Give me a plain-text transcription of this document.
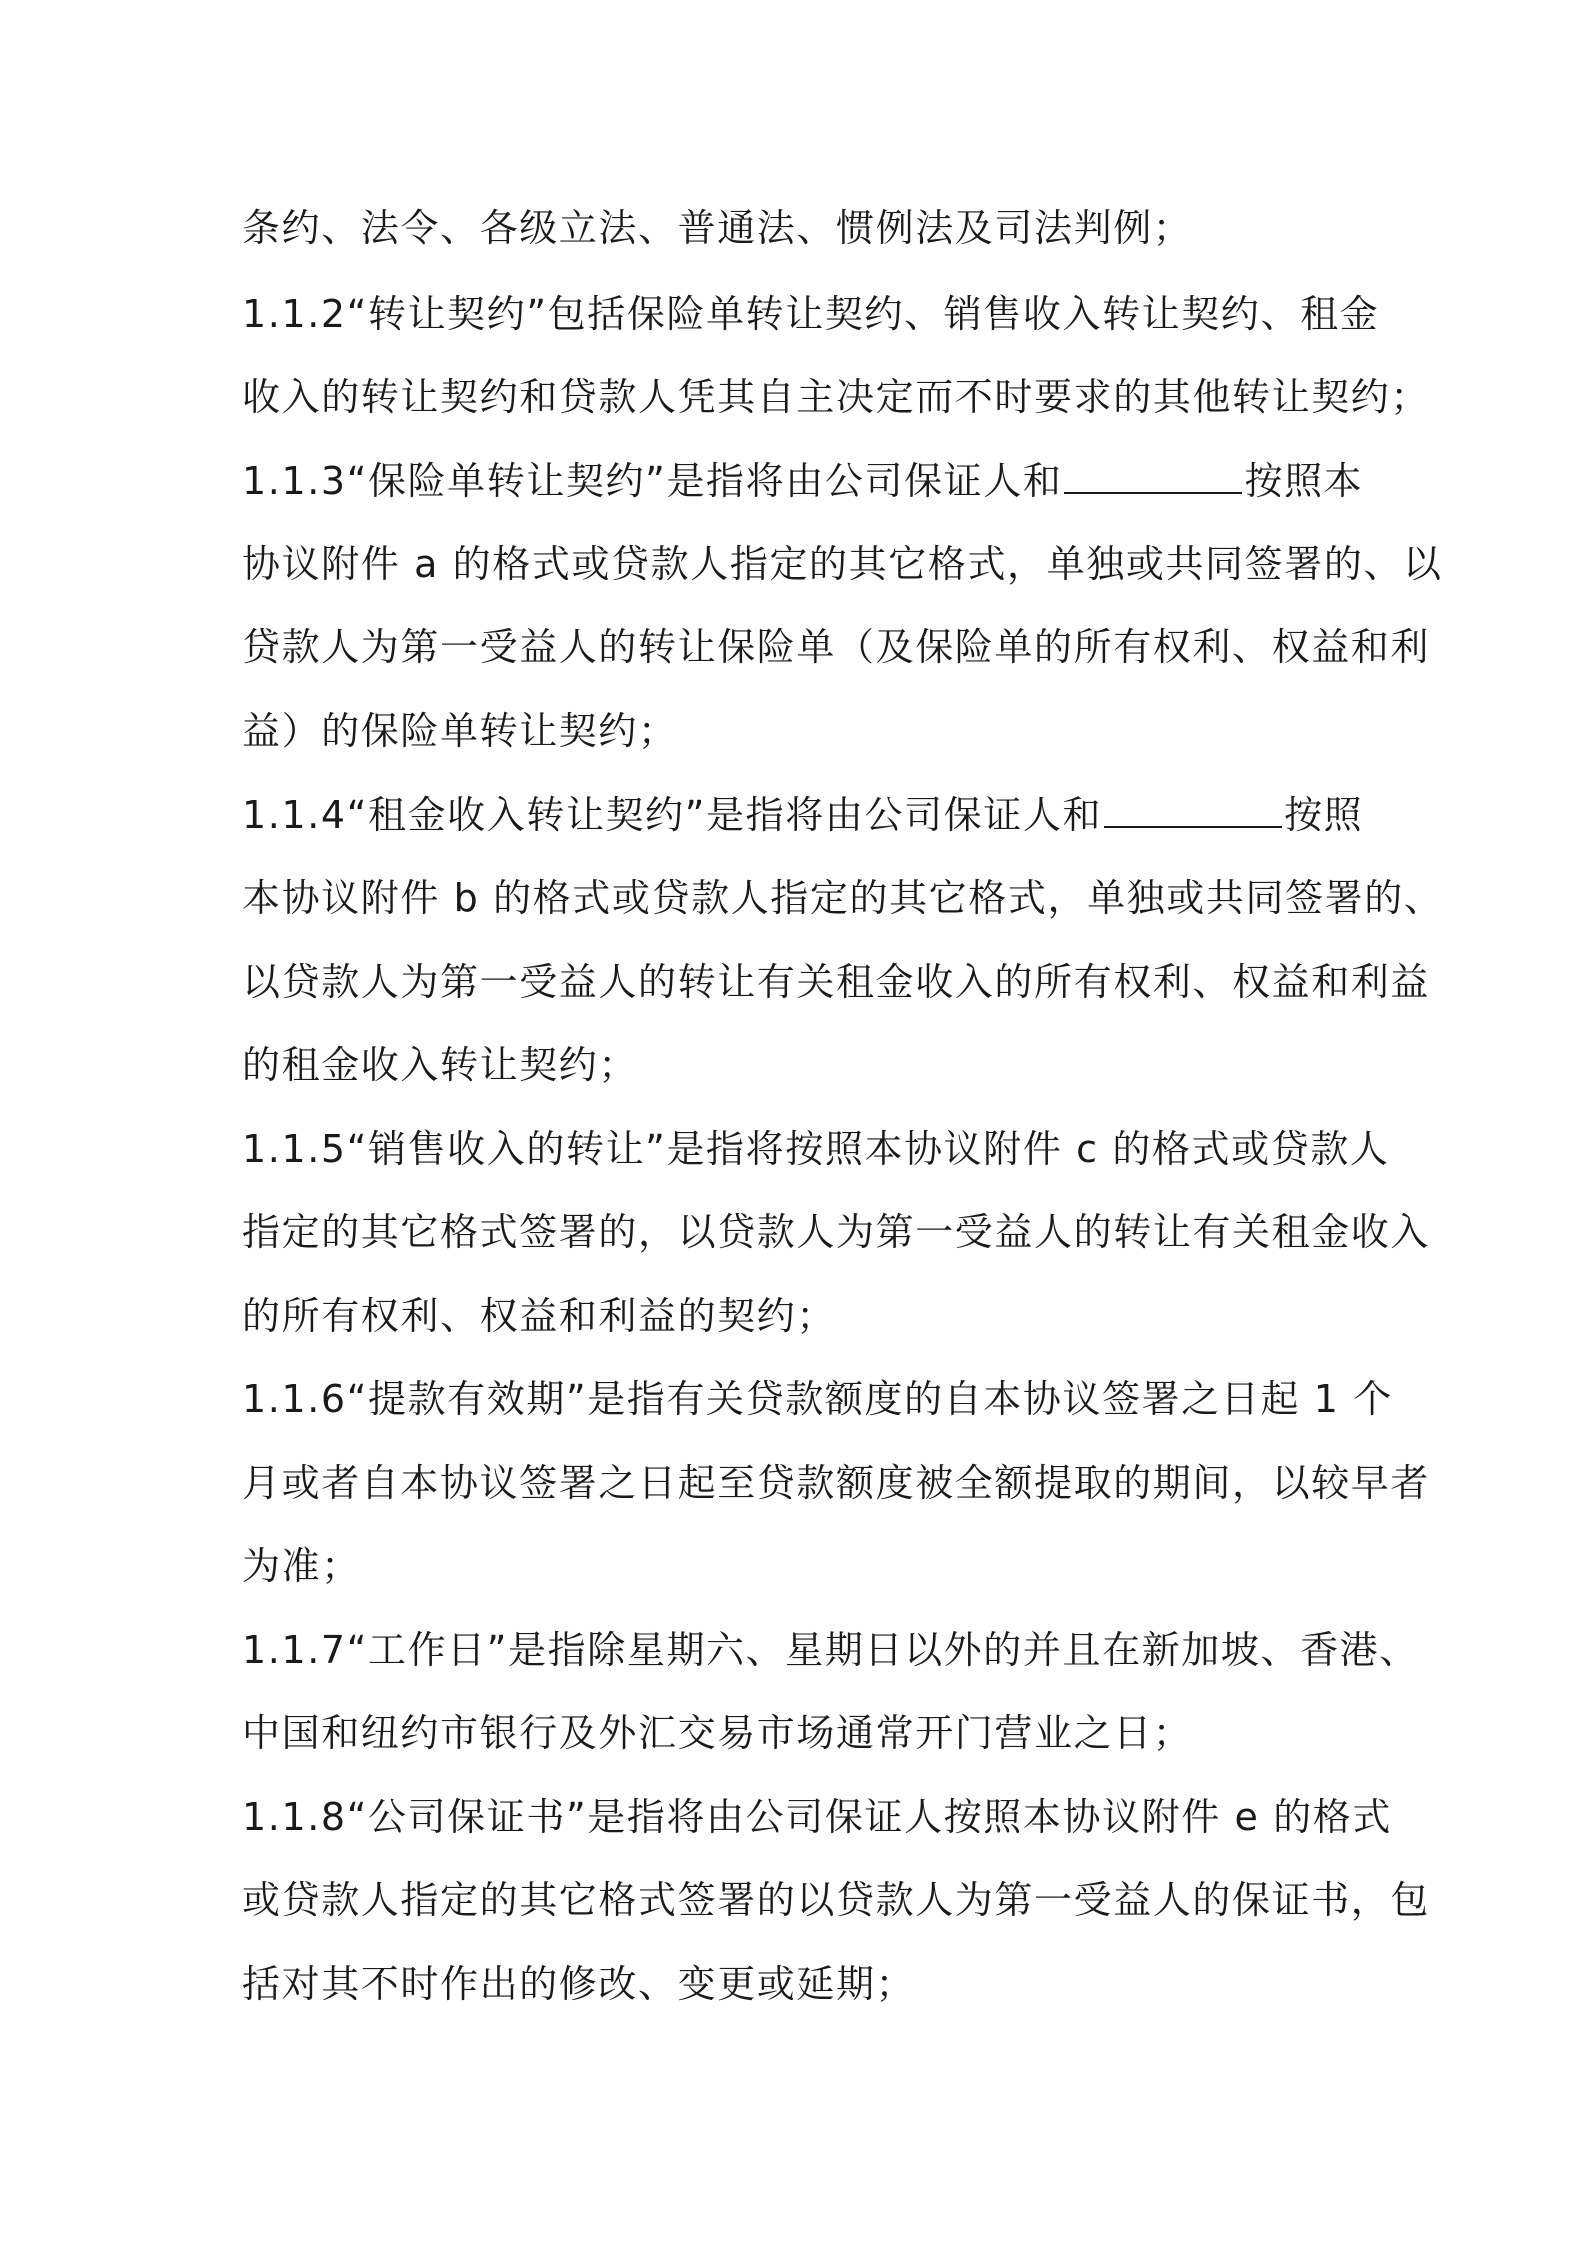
条约、法令、各级立法、普通法、惯例法及司法判例；
1.1.2“转让契约”包括保险单转让契约、销售收入转让契约、租金
收入的转让契约和贷款人凭其自主决定而不时要求的其他转让契约；
1.1.3“保险单转让契约”是指将由公司保证人和	按照本
协议附件 a 的格式或贷款人指定的其它格式，单独或共同签署的、以
贷款人为第一受益人的转让保险单（及保险单的所有权利、权益和利
益）的保险单转让契约；
1.1.4“租金收入转让契约”是指将由公司保证人和	按照
本协议附件 b 的格式或贷款人指定的其它格式，单独或共同签署的、
以贷款人为第一受益人的转让有关租金收入的所有权利、权益和利益
的租金收入转让契约；
1.1.5“销售收入的转让”是指将按照本协议附件 c 的格式或贷款人
指定的其它格式签署的，以贷款人为第一受益人的转让有关租金收入
的所有权利、权益和利益的契约；
1.1.6“提款有效期”是指有关贷款额度的自本协议签署之日起 1 个
月或者自本协议签署之日起至贷款额度被全额提取的期间，以较早者
为准；
1.1.7“工作日”是指除星期六、星期日以外的并且在新加坡、香港、
中国和纽约市银行及外汇交易市场通常开门营业之日；
1.1.8“公司保证书”是指将由公司保证人按照本协议附件 e 的格式
或贷款人指定的其它格式签署的以贷款人为第一受益人的保证书，包
括对其不时作出的修改、变更或延期；
